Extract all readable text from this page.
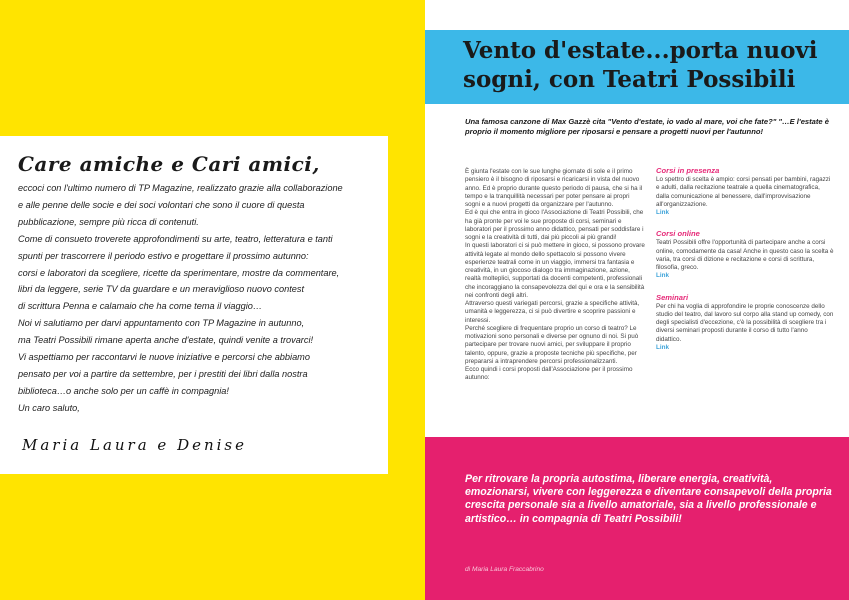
Care amiche e Cari amici,
eccoci con l'ultimo numero di TP Magazine, realizzato grazie alla collaborazione
e alle penne delle socie e dei soci volontari che sono il cuore di questa
pubblicazione, sempre più ricca di contenuti.
Come di consueto troverete approfondimenti su arte, teatro, letteratura e tanti
spunti per trascorrere il periodo estivo e progettare il prossimo autunno:
corsi e laboratori da scegliere, ricette da sperimentare, mostre da commentare,
libri da leggere, serie TV da guardare e un meraviglioso nuovo contest
di scrittura Penna e calamaio che ha come tema il viaggio…
Noi vi salutiamo per darvi appuntamento con TP Magazine in autunno,
ma Teatri Possibili rimane aperta anche d'estate, quindi venite a trovarci!
Vi aspettiamo per raccontarvi le nuove iniziative e percorsi che abbiamo
pensato per voi a partire da settembre, per i prestiti dei libri dalla nostra
biblioteca…o anche solo per un caffè in compagnia!
Un caro saluto,
Maria Laura e Denise
Vento d'estate...porta nuovi sogni, con Teatri Possibili
Una famosa canzone di Max Gazzè cita "Vento d'estate, io vado al mare, voi che fate?" "…E l'estate è proprio il momento migliore per riposarsi e pensare a progetti nuovi per l'autunno!
È giunta l'estate con le sue lunghe giornate di sole e il primo pensiero è il bisogno di riposarsi e ricaricarsi in vista del nuovo anno. Ed è proprio durante questo periodo di pausa, che si ha il tempo e la tranquillità necessari per poter pensare ai propri sogni e a nuovi progetti da organizzare per l'autunno.
Ed è qui che entra in gioco l'Associazione di Teatri Possibili, che ha già pronte per voi le sue proposte di corsi, seminari e laboratori per il prossimo anno didattico, pensati per soddisfare i sogni e la creatività di tutti, dai più piccoli ai più grandi!
In questi laboratori ci si può mettere in gioco, si possono provare attività legate al mondo dello spettacolo si possono vivere esperienze teatrali come in un viaggio, immersi tra fantasia e creatività, in un giocoso dialogo tra immaginazione, azione, realtà molteplici, supportati da docenti competenti, professionali che incoraggiano la consapevolezza del qui e ora e la sensibilità nei confronti degli altri.
Attraverso questi variegati percorsi, grazie a specifiche attività, umanità e leggerezza, ci si può divertire e scoprire passioni e interessi.
Perché scegliere di frequentare proprio un corso di teatro? Le motivazioni sono personali e diverse per ognuno di noi. Si può partecipare per trovare nuovi amici, per sviluppare il proprio talento, oppure, grazie a proposte tecniche più specifiche, per prepararsi a intraprendere percorsi professionalizzanti.
Ecco quindi i corsi proposti dall'Associazione per il prossimo autunno:
Corsi in presenza
Lo spettro di scelta è ampio: corsi pensati per bambini, ragazzi e adulti, dalla recitazione teatrale a quella cinematografica, dalla comunicazione al benessere, dall'improvvisazione all'organizzazione.
Link
Corsi online
Teatri Possibili offre l'opportunità di partecipare anche a corsi online, comodamente da casa! Anche in questo caso la scelta è varia, tra corsi di dizione e recitazione e corsi di scrittura, filosofia, greco.
Link
Seminari
Per chi ha voglia di approfondire le proprie conoscenze dello studio del teatro, dal lavoro sul corpo alla stand up comedy, con degli specialisti d'eccezione, c'è la possibilità di scegliere tra i diversi seminari proposti durante il corso di tutto l'anno didattico.
Link
Per ritrovare la propria autostima, liberare energia, creatività, emozionarsi, vivere con leggerezza e diventare consapevoli della propria crescita personale sia a livello amatoriale, sia a livello professionale e artistico… in compagnia di Teatri Possibili!
di Maria Laura Fraccabrino
